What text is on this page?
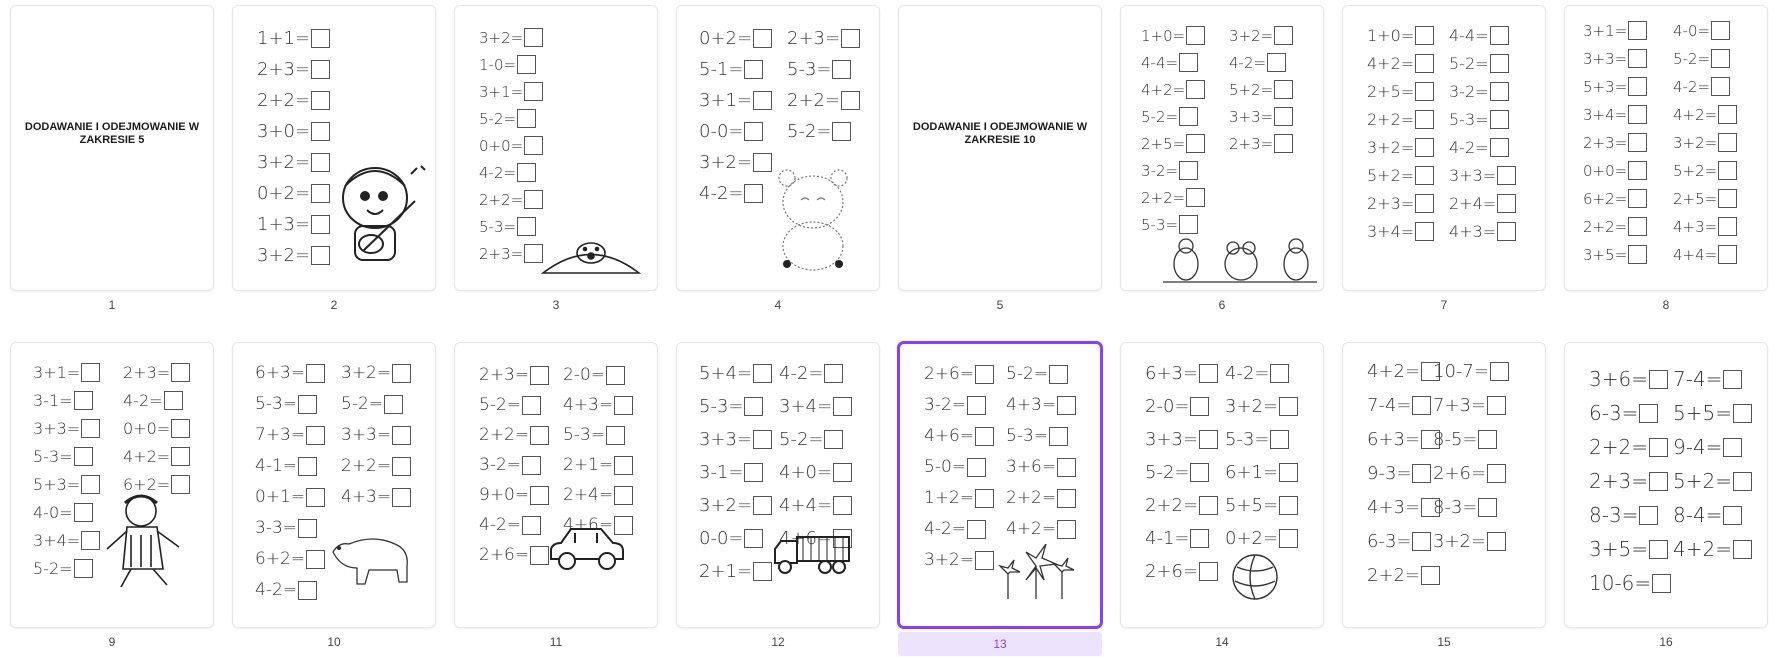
DODAWANIE I ODEJMOWANIE W ZAKRESIE 5
1
1+1=
2+3=
2+2=
3+0=
3+2=
0+2=
1+3=
3+2=
2
3+2=
1-0=
3+1=
5-2=
0+0=
4-2=
2+2=
5-3=
2+3=
3
0+2=
5-1=
3+1=
0-0=
3+2=
4-2=
2+3=
5-3=
2+2=
5-2=
4
DODAWANIE I ODEJMOWANIE W ZAKRESIE 10
5
1+0=
4-4=
4+2=
5-2=
2+5=
3-2=
2+2=
5-3=
3+2=
4-2=
5+2=
3+3=
2+3=
6
1+0=
4+2=
2+5=
2+2=
3+2=
5+2=
2+3=
3+4=
4-4=
5-2=
3-2=
5-3=
4-2=
3+3=
2+4=
4+3=
7
3+1=
3+3=
5+3=
3+4=
2+3=
0+0=
6+2=
2+2=
3+5=
4-0=
5-2=
4-2=
4+2=
3+2=
5+2=
2+5=
4+3=
4+4=
8
3+1=
3-1=
3+3=
5-3=
5+3=
4-0=
3+4=
5-2=
2+3=
4-2=
0+0=
4+2=
6+2=
9
6+3=
5-3=
7+3=
4-1=
0+1=
3-3=
6+2=
4-2=
3+2=
5-2=
3+3=
2+2=
4+3=
10
2+3=
5-2=
2+2=
3-2=
9+0=
4-2=
2+6=
2-0=
4+3=
5-3=
2+1=
2+4=
4+6=
11
5+4=
5-3=
3+3=
3-1=
3+2=
0-0=
2+1=
4-2=
3+4=
5-2=
4+0=
4+4=
4+6=
12
2+6=
3-2=
4+6=
5-0=
1+2=
4-2=
3+2=
5-2=
4+3=
5-3=
3+6=
2+2=
4+2=
13
6+3=
2-0=
3+3=
5-2=
2+2=
4-1=
2+6=
4-2=
3+2=
5-3=
6+1=
5+5=
0+2=
14
4+2=
7-4=
6+3=
9-3=
4+3=
6-3=
2+2=
10-7=
7+3=
8-5=
2+6=
8-3=
3+2=
15
3+6=
6-3=
2+2=
2+3=
8-3=
3+5=
10-6=
7-4=
5+5=
9-4=
5+2=
8-4=
4+2=
16
